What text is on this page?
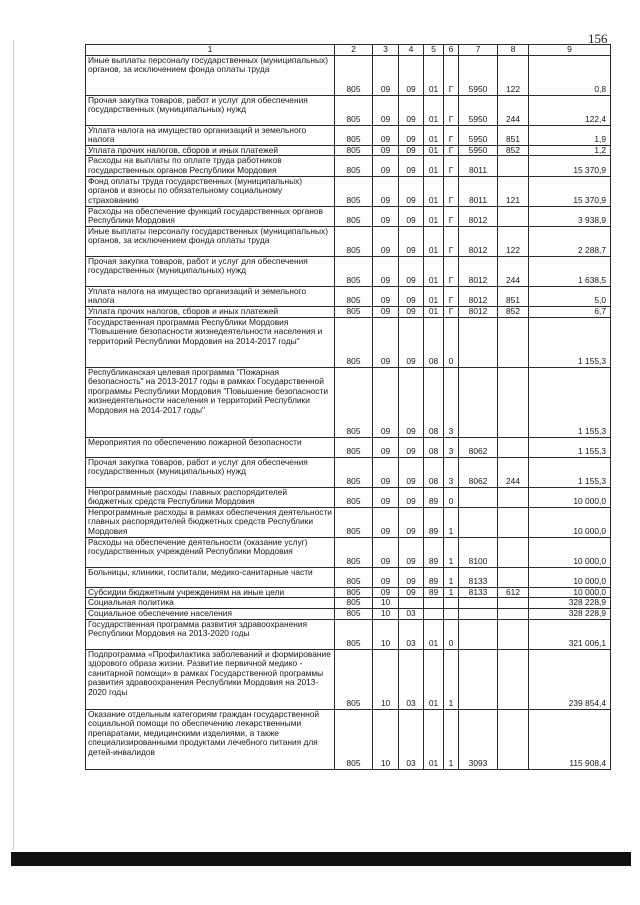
156
1	2	3	4	5	6	7	8	9
Иные выплаты персоналу государственных (муниципальных) органов, за исключением фонда оплаты труда	805	09	09	01	Г	5950	122	0,8
Прочая закупка товаров, работ и услуг для обеспечения государственных (муниципальных) нужд	805	09	09	01	Г	5950	244	122,4
Уплата налога на имущество организаций и земельного налога	805	09	09	01	Г	5950	851	1,9
Уплата прочих налогов, сборов и иных платежей	805	09	09	01	Г	5950	852	1,2
Расходы на выплаты по оплате труда работников государственных органов Республики Мордовия	805	09	09	01	Г	8011		15 370,9
Фонд оплаты труда государственных (муниципальных) органов и взносы по обязательному социальному страхованию	805	09	09	01	Г	8011	121	15 370,9
Расходы на обеспечение функций государственных органов Республики Мордовия	805	09	09	01	Г	8012		3 938,9
Иные выплаты персоналу государственных (муниципальных) органов, за исключением фонда оплаты труда	805	09	09	01	Г	8012	122	2 288,7
Прочая закупка товаров, работ и услуг для обеспечения государственных (муниципальных) нужд	805	09	09	01	Г	8012	244	1 638,5
Уплата налога на имущество организаций и земельного налога	805	09	09	01	Г	8012	851	5,0
Уплата прочих налогов, сборов и иных платежей	805	09	09	01	Г	8012	852	6,7
Государственная программа Республики Мордовия "Повышение безопасности жизнедеятельности населения и территорий Республики Мордовия на 2014-2017 годы"	805	09	09	08	0			1 155,3
Республиканская целевая программа "Пожарная безопасность" на 2013-2017 годы в рамках Государственной программы Республики Мордовия "Повышение безопасности жизнедеятельности населения и территорий Республики Мордовия на 2014-2017 годы"	805	09	09	08	3			1 155,3
Мероприятия по обеспечению пожарной безопасности	805	09	09	08	3	8062		1 155,3
Прочая закупка товаров, работ и услуг для обеспечения государственных (муниципальных) нужд	805	09	09	08	3	8062	244	1 155,3
Непрограммные расходы главных распорядителей бюджетных средств Республики Мордовия	805	09	09	89	0			10 000,0
Непрограммные расходы в рамках обеспечения деятельности главных распорядителей бюджетных средств Республики Мордовия	805	09	09	89	1			10 000,0
Расходы на обеспечение деятельности (оказание услуг) государственных учреждений Республики Мордовия	805	09	09	89	1	8100		10 000,0
Больницы, клиники, госпитали, медико-санитарные части	805	09	09	89	1	8133		10 000,0
Субсидии бюджетным учреждениям на иные цели	805	09	09	89	1	8133	612	10 000,0
Социальная политика	805	10						328 228,9
Социальное обеспечение населения	805	10	03					328 228,9
Государственная программа развития здравоохранения Республики Мордовия на 2013-2020 годы	805	10	03	01	0			321 006,1
Подпрограмма «Профилактика заболеваний и формирование здорового образа жизни. Развитие первичной медико - санитарной помощи» в рамках Государственной программы развития здравоохранения Республики Мордовия на 2013-2020 годы	805	10	03	01	1			239 854,4
Оказание отдельным категориям граждан государственной социальной помощи по обеспечению лекарственными препаратами, медицинскими изделиями, а также специализированными продуктами лечебного питания для детей-инвалидов	805	10	03	01	1	3093		115 908,4
